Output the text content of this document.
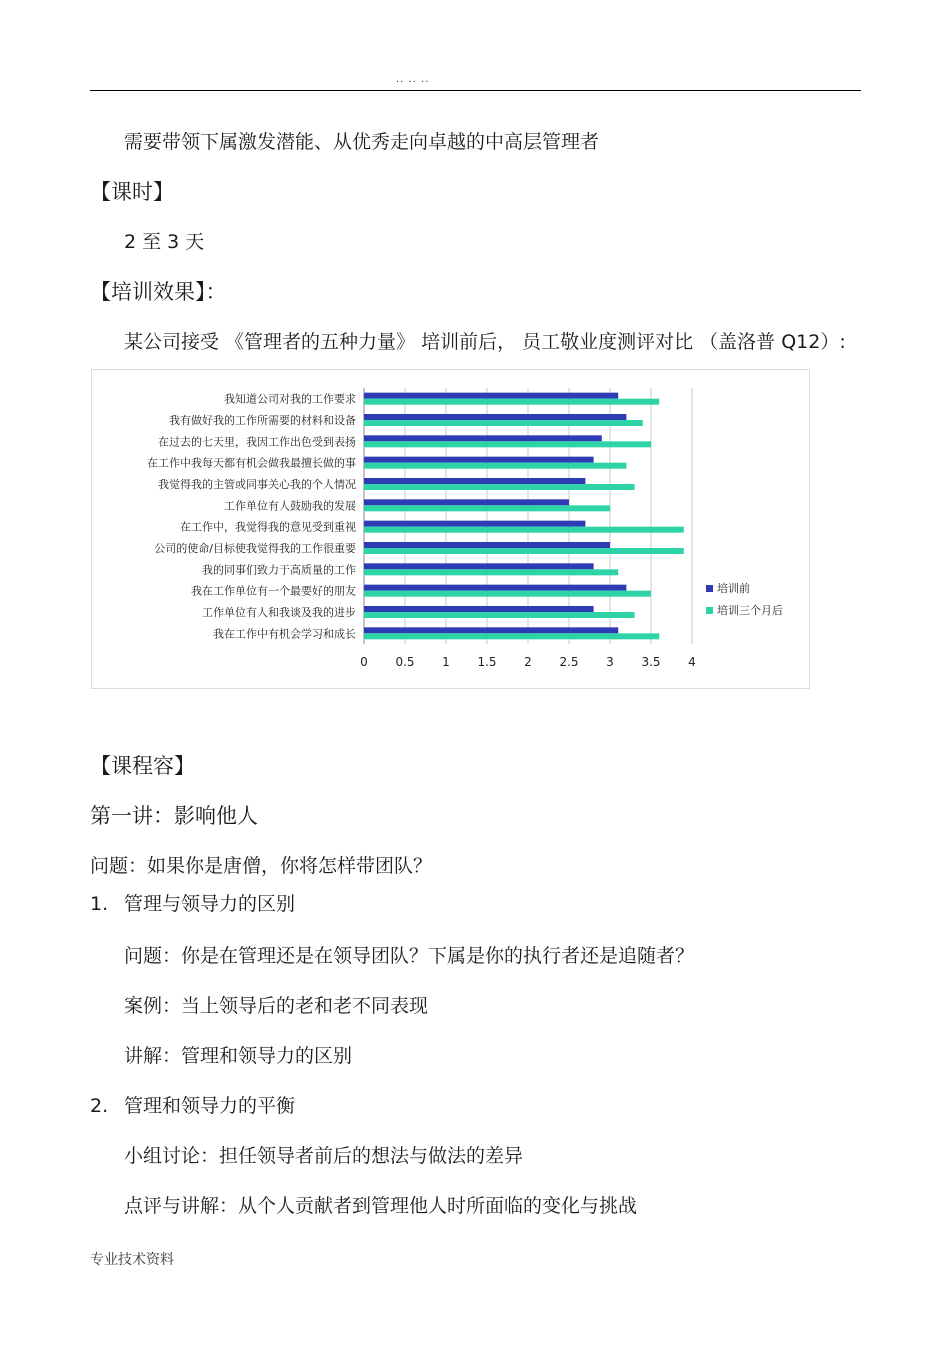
.. .. ..
需要带领下属激发潜能、从优秀走向卓越的中高层管理者
【课时】
2 至 3 天
【培训效果】：
某公司接受 《管理者的五种力量》 培训前后， 员工敬业度测评对比 （盖洛普 Q12）:
我知道公司对我的工作要求
我有做好我的工作所需要的材料和设备
在过去的七天里，我因工作出色受到表扬
在工作中我每天都有机会做我最擅长做的事
我觉得我的主管或同事关心我的个人情况
工作单位有人鼓励我的发展
在工作中，我觉得我的意见受到重视
公司的使命/目标使我觉得我的工作很重要
我的同事们致力于高质量的工作
我在工作单位有一个最要好的朋友
工作单位有人和我谈及我的进步
我在工作中有机会学习和成长
0 0.5 1 1.5 2 2.5 3 3.5 4
培训前
培训三个月后
【课程容】
第一讲：影响他人
问题：如果你是唐僧，你将怎样带团队？
1. 管理与领导力的区别
问题：你是在管理还是在领导团队？下属是你的执行者还是追随者？
案例：当上领导后的老和老不同表现
讲解：管理和领导力的区别
2. 管理和领导力的平衡
小组讨论：担任领导者前后的想法与做法的差异
点评与讲解：从个人贡献者到管理他人时所面临的变化与挑战
专业技术资料
